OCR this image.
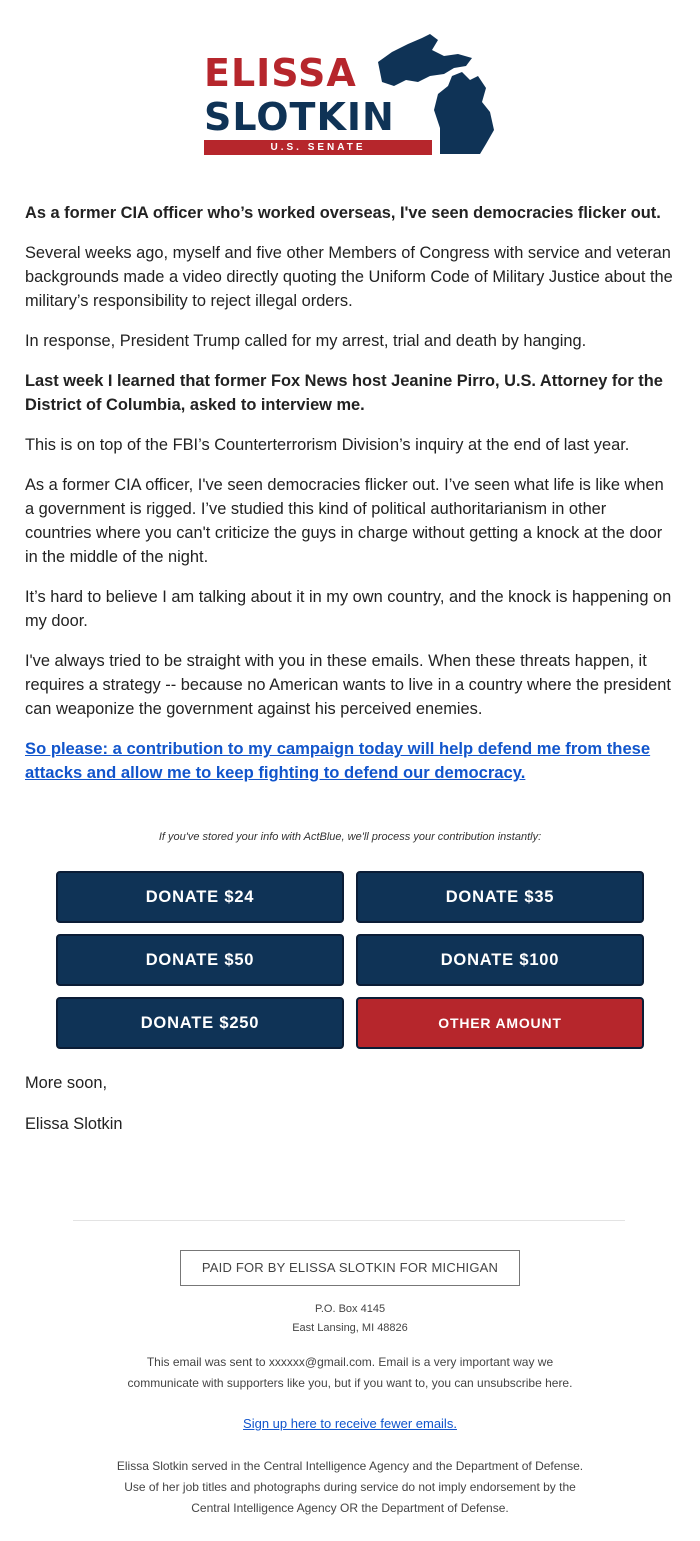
ELISSA
SLOTKIN
U.S. SENATE

As a former CIA officer who’s worked overseas, I've seen democracies flicker out.

Several weeks ago, myself and five other Members of Congress with service and veteran backgrounds made a video directly quoting the Uniform Code of Military Justice about the military’s responsibility to reject illegal orders.

In response, President Trump called for my arrest, trial and death by hanging.

Last week I learned that former Fox News host Jeanine Pirro, U.S. Attorney for the District of Columbia, asked to interview me.

This is on top of the FBI’s Counterterrorism Division’s inquiry at the end of last year.

As a former CIA officer, I've seen democracies flicker out. I’ve seen what life is like when a government is rigged. I’ve studied this kind of political authoritarianism in other countries where you can't criticize the guys in charge without getting a knock at the door in the middle of the night.

It’s hard to believe I am talking about it in my own country, and the knock is happening on my door.

I've always tried to be straight with you in these emails. When these threats happen, it requires a strategy -- because no American wants to live in a country where the president can weaponize the government against his perceived enemies.

So please: a contribution to my campaign today will help defend me from these attacks and allow me to keep fighting to defend our democracy.

If you've stored your info with ActBlue, we'll process your contribution instantly:
DONATE $24	DONATE $35
DONATE $50	DONATE $100
DONATE $250	OTHER AMOUNT
More soon,
Elissa Slotkin
PAID FOR BY ELISSA SLOTKIN FOR MICHIGAN
P.O. Box 4145
East Lansing, MI 48826
This email was sent to xxxxxx@gmail.com. Email is a very important way we
communicate with supporters like you, but if you want to, you can unsubscribe here.
Sign up here to receive fewer emails.
Elissa Slotkin served in the Central Intelligence Agency and the Department of Defense.
Use of her job titles and photographs during service do not imply endorsement by the
Central Intelligence Agency OR the Department of Defense.
